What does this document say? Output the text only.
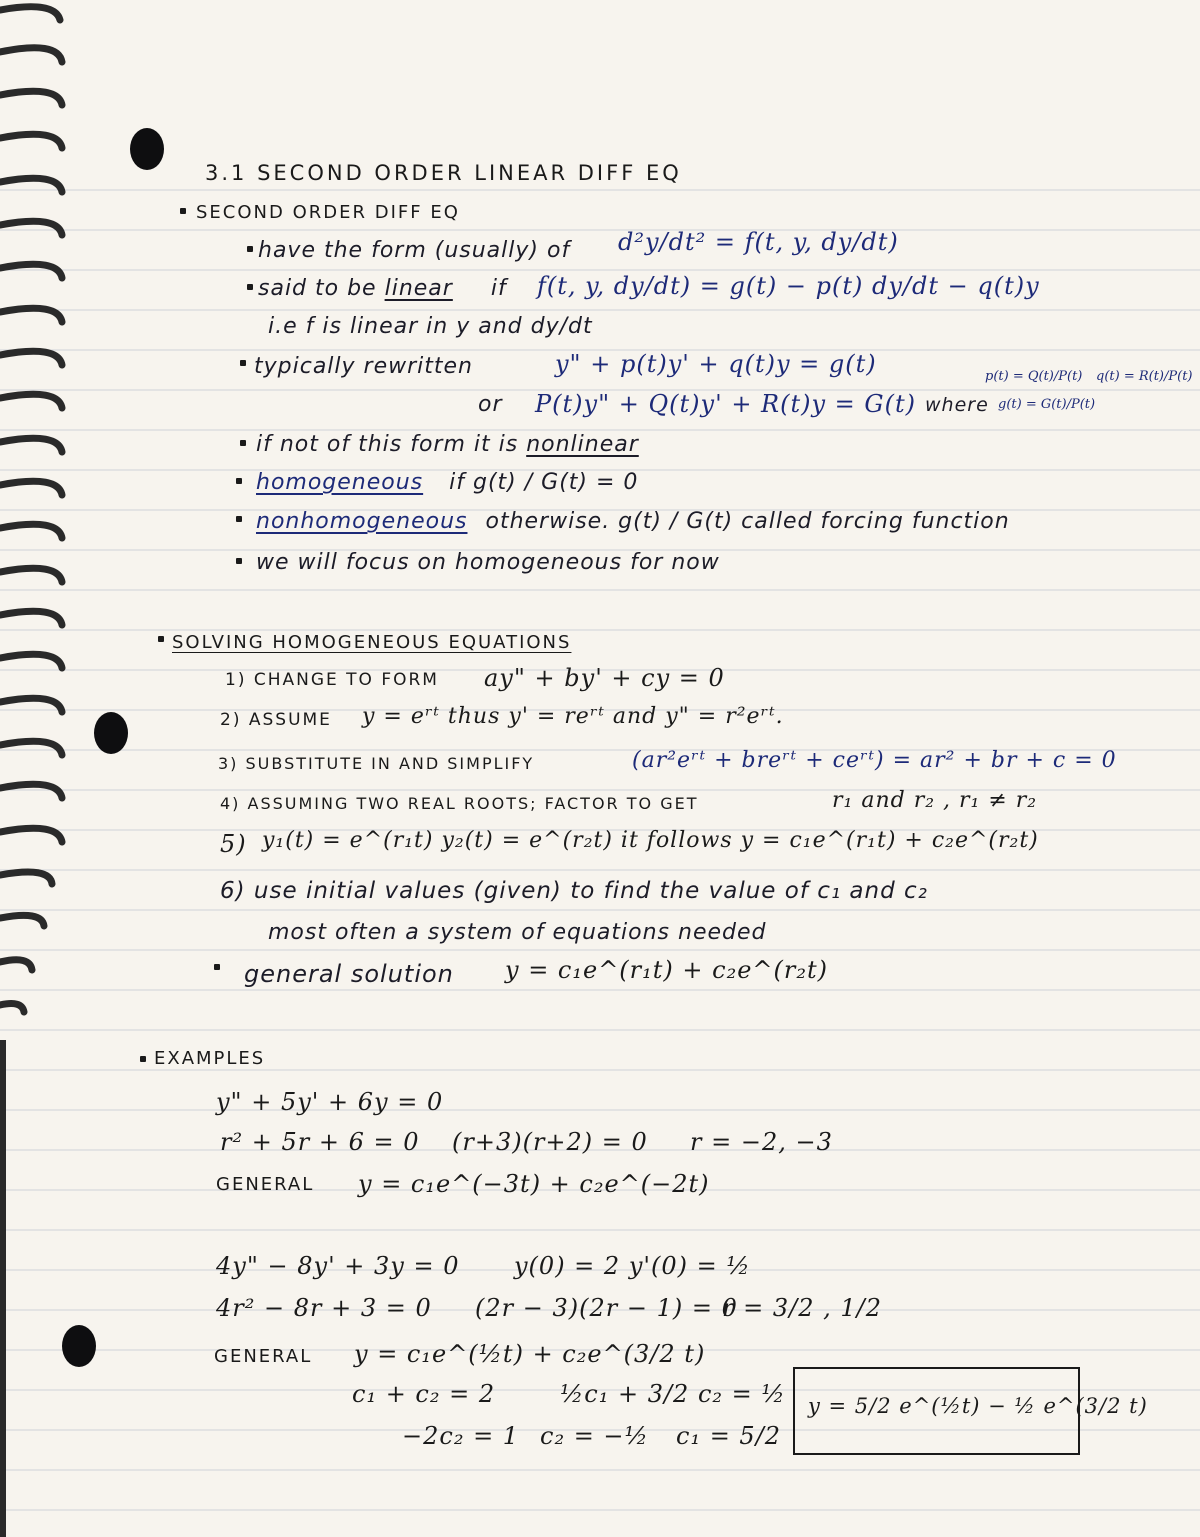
3.1 SECOND ORDER LINEAR DIFF EQ
SECOND ORDER DIFF EQ
have the form (usually) of d²y/dt² = f(t, y, dy/dt)
said to be linear if f(t, y, dy/dt) = g(t) − p(t) dy/dt − q(t)y
i.e f is linear in y and dy/dt
typically rewritten	y" + p(t)y' + q(t)y = g(t)	p(t) = Q(t)/P(t) q(t) = R(t)/P(t)
or P(t)y" + Q(t)y' + R(t)y = G(t) where g(t) = G(t)/P(t)
if not of this form it is nonlinear
homogeneous if g(t) / G(t) = 0
nonhomogeneous otherwise. g(t) / G(t) called forcing function
we will focus on homogeneous for now
SOLVING HOMOGENEOUS EQUATIONS
1) CHANGE TO FORM ay" + by' + cy = 0
2) ASSUME y = eʳᵗ thus y' = reʳᵗ and y" = r²eʳᵗ.
3) SUBSTITUTE IN AND SIMPLIFY	(ar²eʳᵗ + breʳᵗ + ceʳᵗ) = ar² + br + c = 0
4) ASSUMING TWO REAL ROOTS; FACTOR TO GET	r₁ and r₂ , r₁ ≠ r₂
5) y₁(t) = e^(r₁t) y₂(t) = e^(r₂t) it follows y = c₁e^(r₁t) + c₂e^(r₂t)
6) use initial values (given) to find the value of c₁ and c₂
most often a system of equations needed
general solution y = c₁e^(r₁t) + c₂e^(r₂t)
EXAMPLES
y" + 5y' + 6y = 0
r² + 5r + 6 = 0 (r+3)(r+2) = 0 r = −2, −3
GENERAL y = c₁e^(−3t) + c₂e^(−2t)
4y" − 8y' + 3y = 0 y(0) = 2 y'(0) = ½
4r² − 8r + 3 = 0 (2r − 3)(2r − 1) = 0
r = 3/2 , 1/2
GENERAL y = c₁e^(½t) + c₂e^(3/2 t)
c₁ + c₂ = 2	½c₁ + 3/2 c₂ = ½
−2c₂ = 1 c₂ = −½ c₁ = 5/2
y = 5/2 e^(½t) − ½ e^(3/2 t)
